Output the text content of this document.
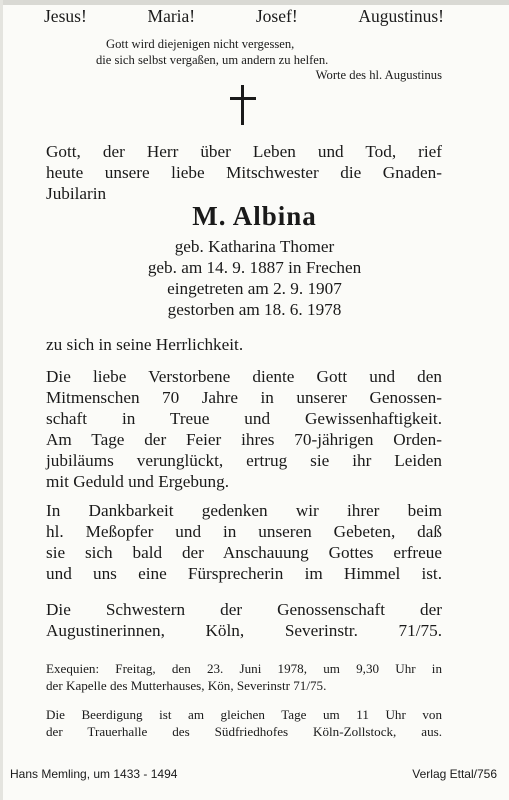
Jesus!	Maria!	Josef!	Augustinus!
Gott wird diejenigen nicht vergessen,
die sich selbst vergaßen, um andern zu helfen.
Worte des hl. Augustinus
Gott, der Herr über Leben und Tod, rief
heute unsere liebe Mitschwester die Gnaden-
Jubilarin
M. Albina
geb. Katharina Thomer
geb. am 14. 9. 1887 in Frechen
eingetreten am 2. 9. 1907
gestorben am 18. 6. 1978
zu sich in seine Herrlichkeit.
Die liebe Verstorbene diente Gott und den
Mitmenschen 70 Jahre in unserer Genossen-
schaft in Treue und Gewissenhaftigkeit.
Am Tage der Feier ihres 70-jährigen Orden-
jubiläums verunglückt, ertrug sie ihr Leiden
mit Geduld und Ergebung.
In Dankbarkeit gedenken wir ihrer beim
hl. Meßopfer und in unseren Gebeten, daß
sie sich bald der Anschauung Gottes erfreue
und uns eine Fürsprecherin im Himmel ist.
Die Schwestern der Genossenschaft der
Augustinerinnen, Köln, Severinstr. 71/75.
Exequien: Freitag, den 23. Juni 1978, um 9,30 Uhr in
der Kapelle des Mutterhauses, Kön, Severinstr 71/75.
Die Beerdigung ist am gleichen Tage um 11 Uhr von
der Trauerhalle des Südfriedhofes Köln-Zollstock, aus.
Hans Memling, um 1433 - 1494	Verlag Ettal/756
